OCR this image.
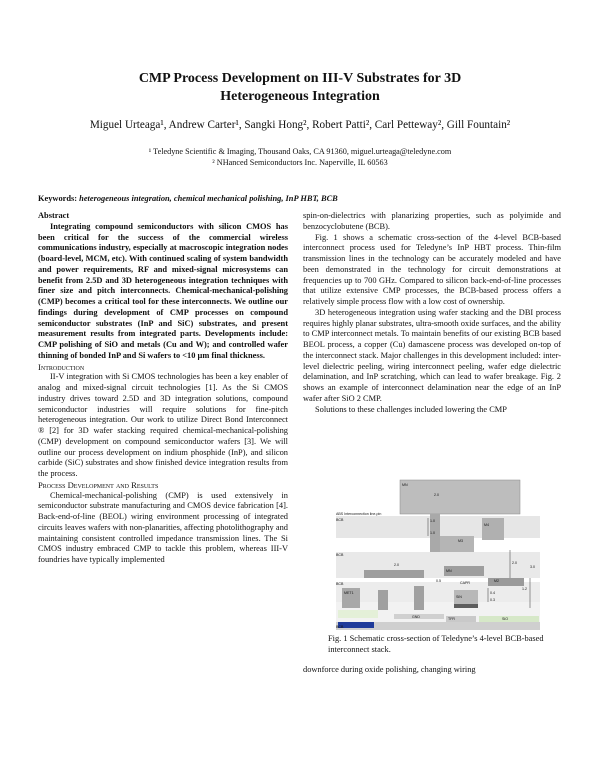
CMP Process Development on III-V Substrates for 3D
Heterogeneous Integration
Miguel Urteaga¹, Andrew Carter¹, Sangki Hong², Robert Patti², Carl Petteway², Gill Fountain²
¹ Teledyne Scientific & Imaging, Thousand Oaks, CA 91360, miguel.urteaga@teledyne.com
² NHanced Semiconductors Inc. Naperville, IL 60563
Keywords: heterogeneous integration, chemical mechanical polishing, InP HBT, BCB

Abstract

Integrating compound semiconductors with silicon CMOS has been critical for the success of the commercial wireless communications industry, especially at macroscopic integration nodes (board-level, MCM, etc). With continued scaling of system bandwidth and power requirements, RF and mixed-signal microsystems can benefit from 2.5D and 3D heterogeneous integration techniques with finer size and pitch interconnects. Chemical-mechanical-polishing (CMP) becomes a critical tool for these interconnects. We outline our findings during development of CMP processes on compound semiconductor substrates (InP and SiC) substrates, and present measurement results from integrated parts. Developments include: CMP polishing of SiO and metals (Cu and W); and controlled wafer thinning of bonded InP and Si wafers to <10 µm final thickness.

Introduction

II-V integration with Si CMOS technologies has been a key enabler of analog and mixed-signal circuit technologies [1]. As the Si CMOS industry drives toward 2.5D and 3D integration solutions, compound semiconductor industries will require solutions for fine-pitch heterogeneous integration. Our work to utilize Direct Bond Interconnect ® [2] for 3D wafer stacking required chemical-mechanical-polishing (CMP) development on compound semiconductor wafers [3]. We will outline our process development on indium phosphide (InP), and silicon carbide (SiC) substrates and show finished device integration results from the process.

Process Development and Results

Chemical-mechanical-polishing (CMP) is used extensively in semiconductor substrate manufacturing and CMOS device fabrication [4]. Back-end-of-line (BEOL) wiring environment processing of integrated circuits leaves wafers with non-planarities, affecting photolithography and maintaining consistent controlled impedance transmission lines. The Si CMOS industry embraced CMP to tackle this problem, whereas III-V foundries have typically implemented

spin-on-dielectrics with planarizing properties, such as polyimide and benzocyclobutene (BCB).

Fig. 1 shows a schematic cross-section of the 4-level BCB-based interconnect process used for Teledyne’s InP HBT process. Thin-film transmission lines in the technology can be accurately modeled and have been demonstrated in the technology for circuit demonstrations at frequencies up to 700 GHz. Compared to silicon back-end-of-line processes that utilize extensive CMP processes, the BCB-based process offers a relatively simple process flow with a low cost of ownership.

3D heterogeneous integration using wafer stacking and the DBI process requires highly planar substrates, ultra-smooth oxide surfaces, and the ability to CMP interconnect metals. To maintain benefits of our existing BCB based BEOL process, a copper (Cu) damascene process was developed on-top of the interconnect stack. Major challenges in this development included: inter-level dielectric peeling, wiring interconnect peeling, wafer edge dielectric delamination, and InP scratching, which can lead to wafer breakage. Fig. 2 shows an example of interconnect delamination near the edge of an InP wafer after SiO 2 CMP.

Solutions to these challenges included lowering the CMP

MN
ABS Interconnection line-pin
BCB
BCB
BCB
BCB
M4
M3
M2
MN
MET1
SiN
CAPR
TFR	SiO
GND
1.0
1.0
2.0
2.0
0.5
2.0
0.4
0.3
1.2
3.0
Fig. 1 Schematic cross-section of Teledyne’s 4-level BCB-based interconnect stack.
downforce during oxide polishing, changing wiring
